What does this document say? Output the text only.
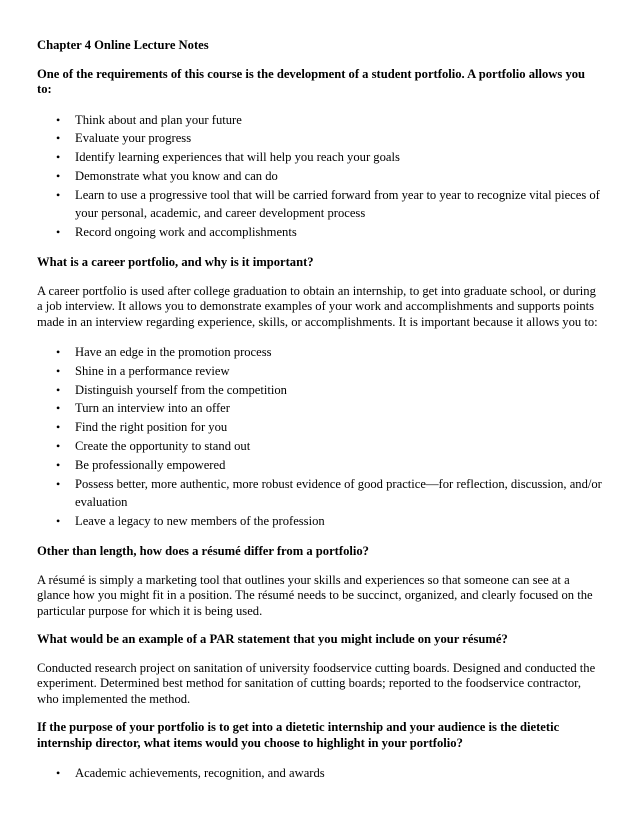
Chapter 4 Online Lecture Notes
One of the requirements of this course is the development of a student portfolio. A portfolio allows you to:
• Think about and plan your future
• Evaluate your progress
• Identify learning experiences that will help you reach your goals
• Demonstrate what you know and can do
• Learn to use a progressive tool that will be carried forward from year to year to recognize vital pieces of your personal, academic, and career development process
• Record ongoing work and accomplishments
What is a career portfolio, and why is it important?
A career portfolio is used after college graduation to obtain an internship, to get into graduate school, or during a job interview. It allows you to demonstrate examples of your work and accomplishments and supports points made in an interview regarding experience, skills, or accomplishments. It is important because it allows you to:
• Have an edge in the promotion process
• Shine in a performance review
• Distinguish yourself from the competition
• Turn an interview into an offer
• Find the right position for you
• Create the opportunity to stand out
• Be professionally empowered
• Possess better, more authentic, more robust evidence of good practice—for reflection, discussion, and/or evaluation
• Leave a legacy to new members of the profession
Other than length, how does a résumé differ from a portfolio?
A résumé is simply a marketing tool that outlines your skills and experiences so that someone can see at a glance how you might fit in a position. The résumé needs to be succinct, organized, and clearly focused on the particular purpose for which it is being used.
What would be an example of a PAR statement that you might include on your résumé?
Conducted research project on sanitation of university foodservice cutting boards. Designed and conducted the experiment. Determined best method for sanitation of cutting boards; reported to the foodservice contractor, who implemented the method.
If the purpose of your portfolio is to get into a dietetic internship and your audience is the dietetic internship director, what items would you choose to highlight in your portfolio?
• Academic achievements, recognition, and awards
